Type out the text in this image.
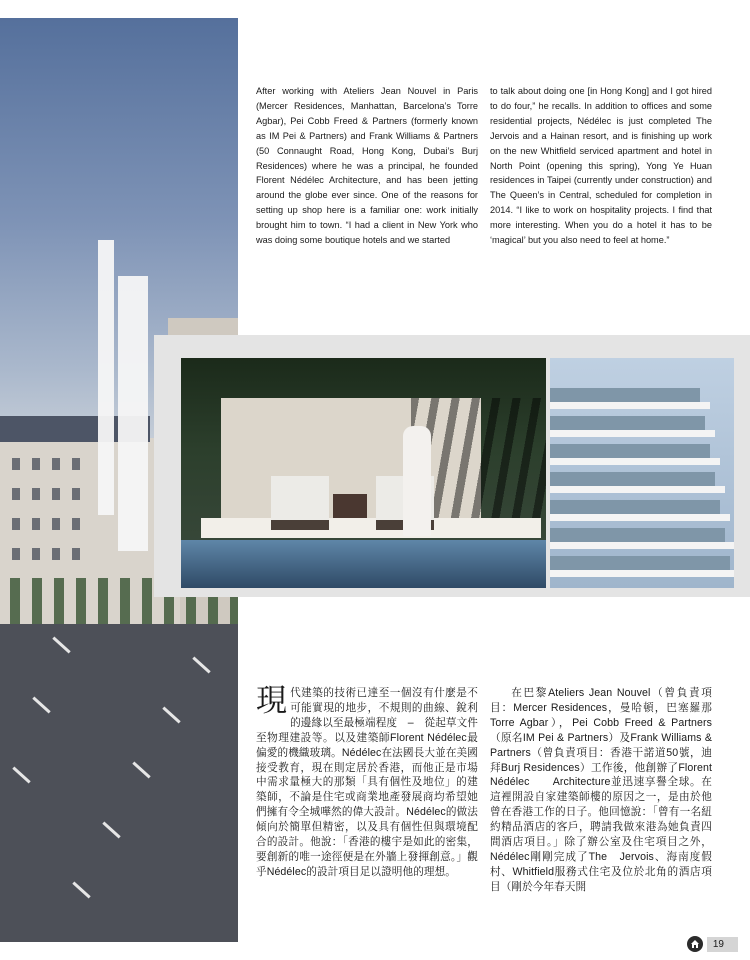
After working with Ateliers Jean Nouvel in Paris (Mercer Residences, Manhattan, Barcelona’s Torre Agbar), Pei Cobb Freed & Partners (formerly known as IM Pei & Partners) and Frank Williams & Partners (50 Connaught Road, Hong Kong, Dubai’s Burj Residences) where he was a principal, he founded Florent Nédélec Architecture, and has been jetting around the globe ever since. One of the reasons for setting up shop here is a familiar one: work initially brought him to town. “I had a client in New York who was doing some boutique hotels and we started
to talk about doing one [in Hong Kong] and I got hired to do four,” he recalls. In addition to offices and some residential projects, Nédélec is just completed The Jervois and a Hainan resort, and is finishing up work on the new Whitfield serviced apartment and hotel in North Point (opening this spring), Yong Ye Huan residences in Taipei (currently under construction) and The Queen’s in Central, scheduled for completion in 2014. “I like to work on hospitality projects. I find that more interesting. When you do a hotel it has to be ‘magical’ but you also need to feel at home.”
現 代建築的技術已達至一個沒有什麼是不可能實現的地步，不規則的曲線、銳利的邊緣以至最極端程度　–　從起草文件至物理建設等。以及建築師Florent Nédélec最偏愛的機織玻璃。Nédélec在法國長大並在美國接受教育，現在則定居於香港，而他正是市場中需求量極大的那類「具有個性及地位」的建築師，不論是住宅或商業地產發展商均希望她們擁有令全城嘩然的偉大設計。Nédélec的做法傾向於簡單但精密，以及具有個性但與環境配合的設計。他說：「香港的樓宇是如此的密集，要創新的唯一途徑便是在外牆上發揮創意。」觀乎Nédélec的設計項目足以證明他的理想。
在巴黎Ateliers Jean Nouvel（曾負責項目：Mercer Residences，曼哈頓，巴塞羅那Torre Agbar），Pei Cobb Freed & Partners（原名IM Pei & Partners）及Frank Williams & Partners（曾負責項目：香港干諾道50號，迪拜Burj Residences）工作後，他創辦了Florent Nédélec　　Architecture並迅速享譽全球。在這裡開設自家建築師樓的原因之一，是由於他曾在香港工作的日子。他回憶說：「曾有一名紐約精品酒店的客戶，聘請我做來港為她負責四間酒店項目。」除了辦公室及住宅項目之外，Nédélec剛剛完成了The　Jervois、海南度假村、Whitfield服務式住宅及位於北角的酒店項目（剛於今年春天開
19
